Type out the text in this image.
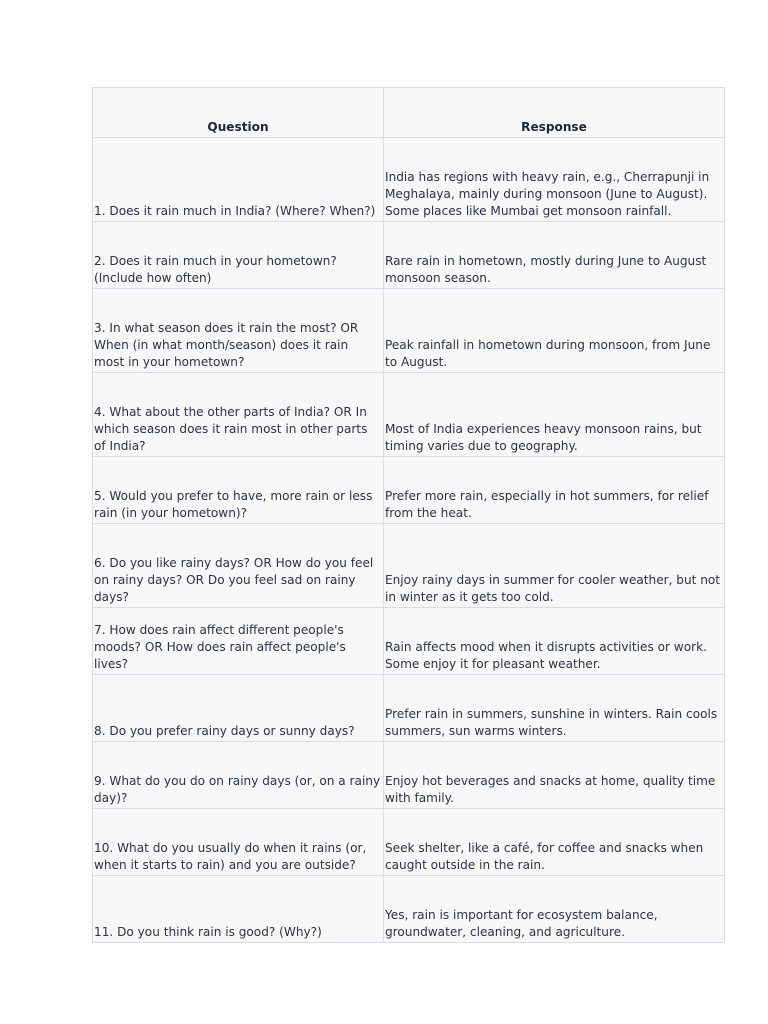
Question	Response
1. Does it rain much in India? (Where? When?)	India has regions with heavy rain, e.g., Cherrapunji in Meghalaya, mainly during monsoon (June to August). Some places like Mumbai get monsoon rainfall.
2. Does it rain much in your hometown? (Include how often)	Rare rain in hometown, mostly during June to August monsoon season.
3. In what season does it rain the most? OR When (in what month/season) does it rain most in your hometown?	Peak rainfall in hometown during monsoon, from June to August.
4. What about the other parts of India? OR In which season does it rain most in other parts of India?	Most of India experiences heavy monsoon rains, but timing varies due to geography.
5. Would you prefer to have, more rain or less rain (in your hometown)?	Prefer more rain, especially in hot summers, for relief from the heat.
6. Do you like rainy days? OR How do you feel on rainy days? OR Do you feel sad on rainy days?	Enjoy rainy days in summer for cooler weather, but not in winter as it gets too cold.
7. How does rain affect different people's moods? OR How does rain affect people's lives?	Rain affects mood when it disrupts activities or work. Some enjoy it for pleasant weather.
8. Do you prefer rainy days or sunny days?	Prefer rain in summers, sunshine in winters. Rain cools summers, sun warms winters.
9. What do you do on rainy days (or, on a rainy day)?	Enjoy hot beverages and snacks at home, quality time with family.
10. What do you usually do when it rains (or, when it starts to rain) and you are outside?	Seek shelter, like a café, for coffee and snacks when caught outside in the rain.
11. Do you think rain is good? (Why?)	Yes, rain is important for ecosystem balance, groundwater, cleaning, and agriculture.
